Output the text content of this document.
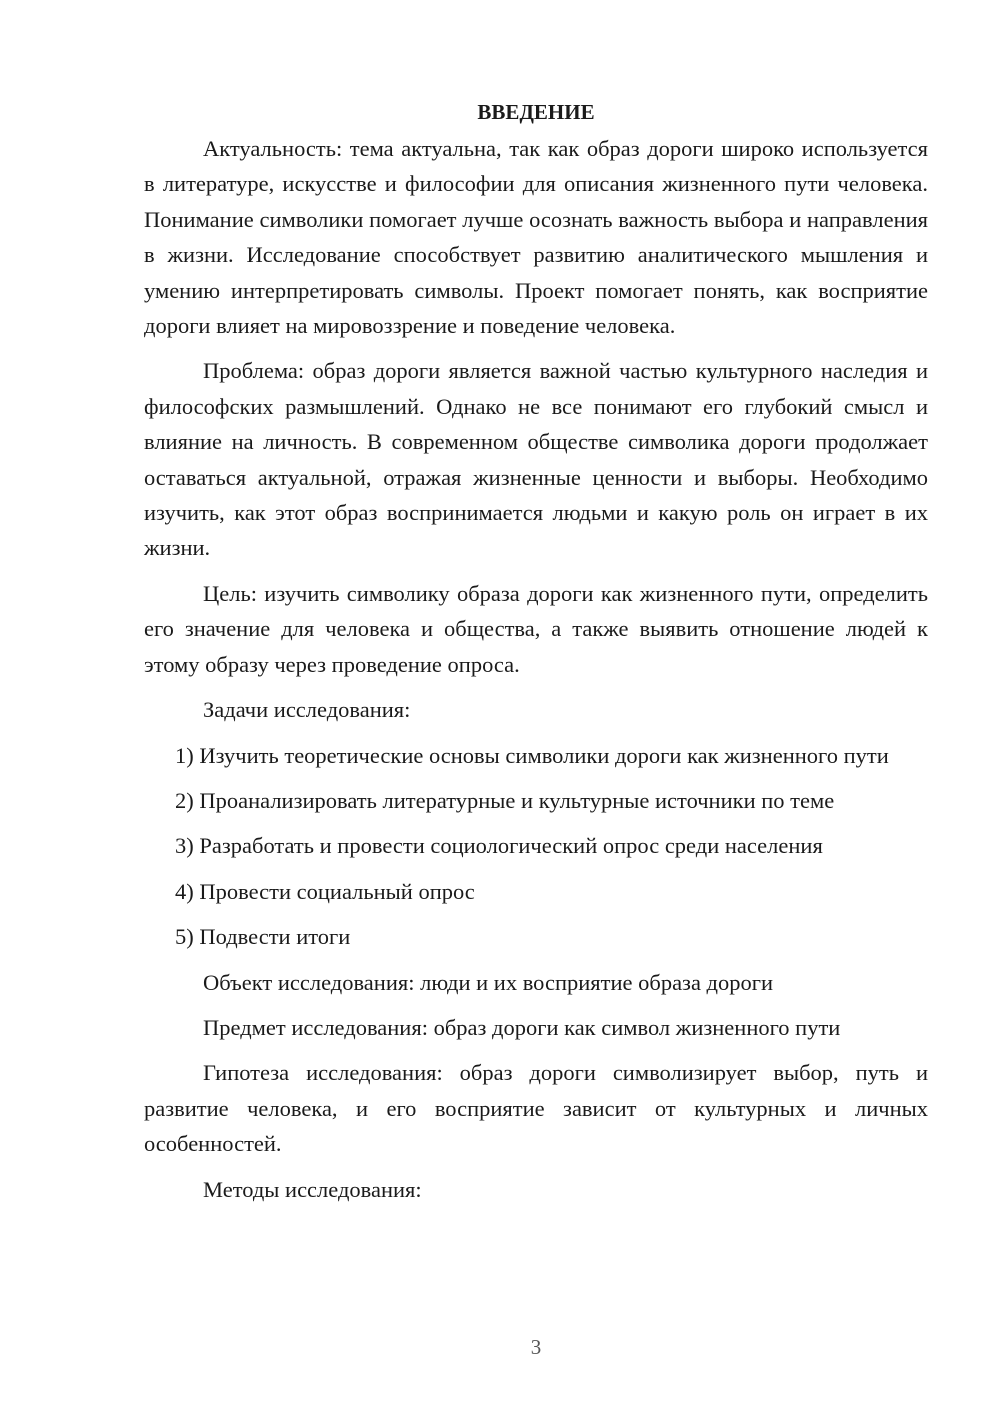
ВВЕДЕНИЕ

Актуальность: тема актуальна, так как образ дороги широко используется в литературе, искусстве и философии для описания жизненного пути человека. Понимание символики помогает лучше осознать важность выбора и направления в жизни. Исследование способствует развитию аналитического мышления и умению интерпретировать символы. Проект помогает понять, как восприятие дороги влияет на мировоззрение и поведение человека.

Проблема: образ дороги является важной частью культурного наследия и философских размышлений. Однако не все понимают его глубокий смысл и влияние на личность. В современном обществе символика дороги продолжает оставаться актуальной, отражая жизненные ценности и выборы. Необходимо изучить, как этот образ воспринимается людьми и какую роль он играет в их жизни.

Цель: изучить символику образа дороги как жизненного пути, определить его значение для человека и общества, а также выявить отношение людей к этому образу через проведение опроса.

Задачи исследования:

1) Изучить теоретические основы символики дороги как жизненного пути

2) Проанализировать литературные и культурные источники по теме

3) Разработать и провести социологический опрос среди населения

4) Провести социальный опрос

5) Подвести итоги

Объект исследования: люди и их восприятие образа дороги

Предмет исследования: образ дороги как символ жизненного пути

Гипотеза исследования: образ дороги символизирует выбор, путь и развитие человека, и его восприятие зависит от культурных и личных особенностей.

Методы исследования:

3
